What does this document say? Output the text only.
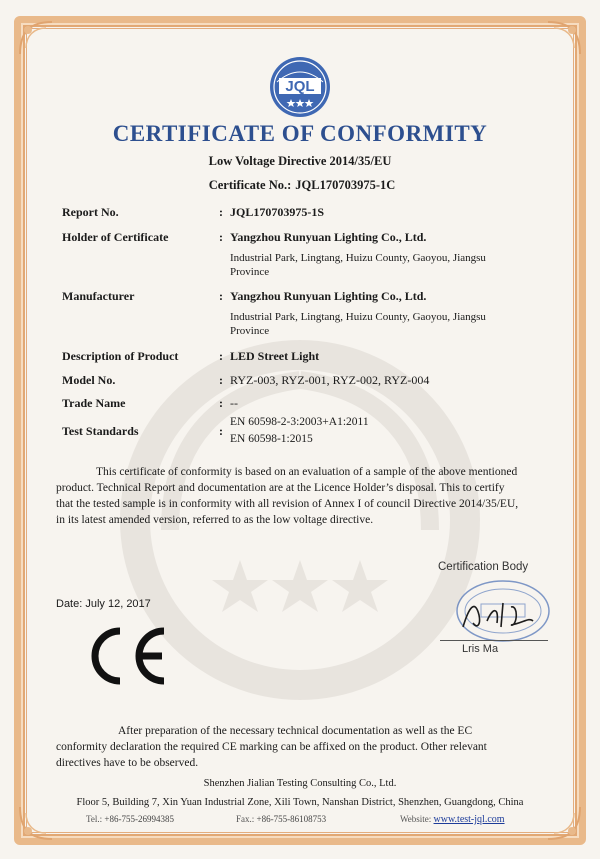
JQL
CERTIFICATE OF CONFORMITY
Low Voltage Directive 2014/35/EU
Certificate No.: JQL170703975-1C
Report No.	: JQL170703975-1S
Holder of Certificate	: Yangzhou Runyuan Lighting Co., Ltd.
Industrial Park, Lingtang, Huizu County, Gaoyou, Jiangsu
Province
Manufacturer	: Yangzhou Runyuan Lighting Co., Ltd.
Industrial Park, Lingtang, Huizu County, Gaoyou, Jiangsu
Province
Description of Product	: LED Street Light
Model No.	: RYZ-003, RYZ-001, RYZ-002, RYZ-004
Trade Name	: --
Test Standards	:
EN 60598-2-3:2003+A1:2011
EN 60598-1:2015
This certificate of conformity is based on an evaluation of a sample of the above mentioned
product. Technical Report and documentation are at the Licence Holder’s disposal. This to certify
that the tested sample is in conformity with all revision of Annex I of council Directive 2014/35/EU,
in its latest amended version, referred to as the low voltage directive.
Certification Body
Lris Ma
Date: July 12, 2017
After preparation of the necessary technical documentation as well as the EC
conformity declaration the required CE marking can be affixed on the product. Other relevant
directives have to be observed.
Shenzhen Jialian Testing Consulting Co., Ltd.
Floor 5, Building 7, Xin Yuan Industrial Zone, Xili Town, Nanshan District, Shenzhen, Guangdong, China
Tel.: +86-755-26994385	Fax.: +86-755-86108753	Website: www.test-jql.com
